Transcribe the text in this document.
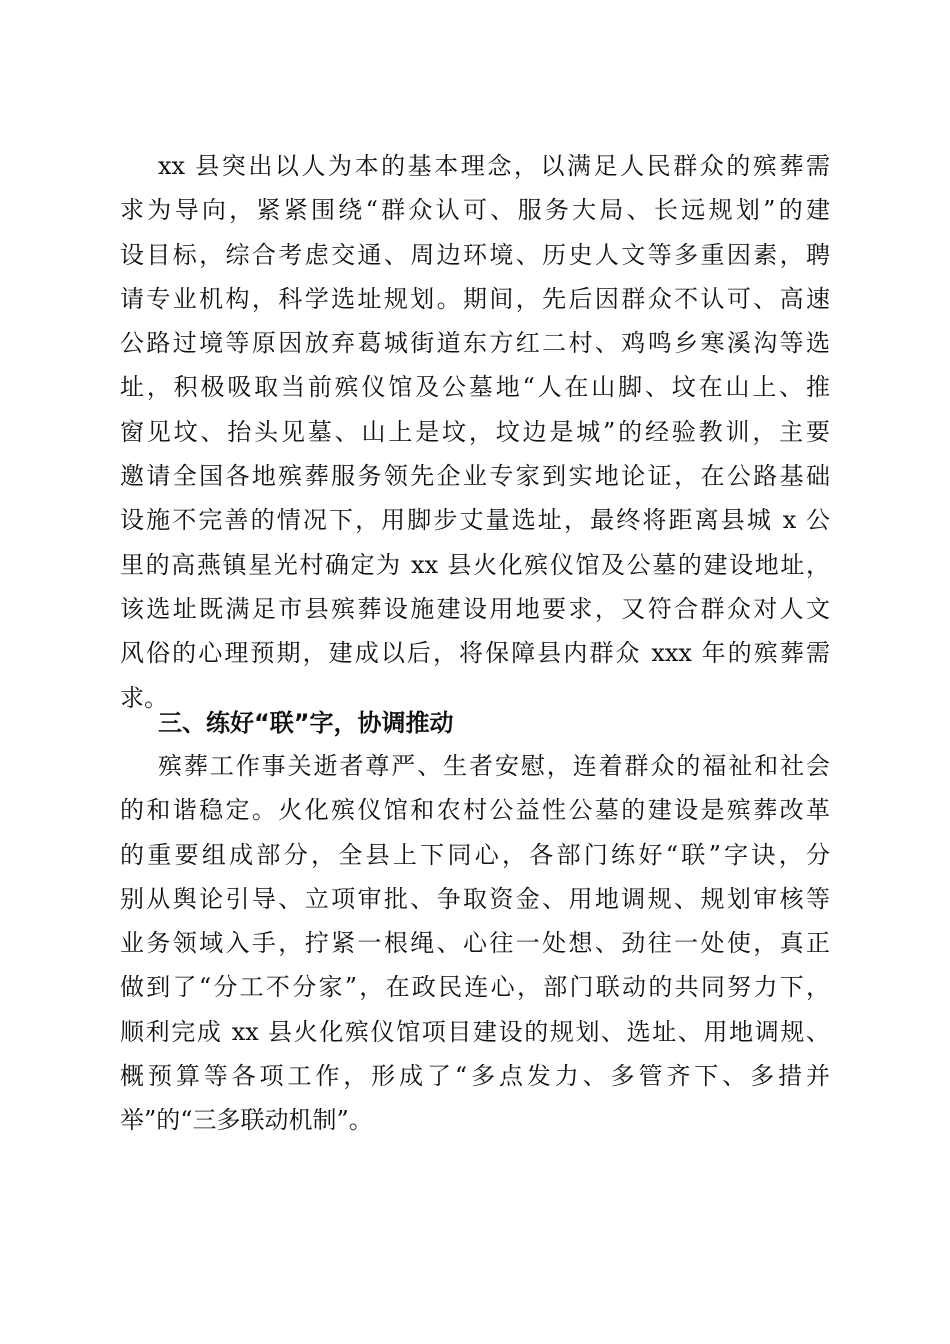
xx 县突出以人为本的基本理念，以满足人民群众的殡葬需
求为导向，紧紧围绕“群众认可、服务大局、长远规划”的建
设目标，综合考虑交通、周边环境、历史人文等多重因素，聘
请专业机构，科学选址规划。期间，先后因群众不认可、高速
公路过境等原因放弃葛城街道东方红二村、鸡鸣乡寒溪沟等选
址，积极吸取当前殡仪馆及公墓地“人在山脚、坟在山上、推
窗见坟、抬头见墓、山上是坟，坟边是城”的经验教训，主要
邀请全国各地殡葬服务领先企业专家到实地论证，在公路基础
设施不完善的情况下，用脚步丈量选址，最终将距离县城 x 公
里的高燕镇星光村确定为 xx 县火化殡仪馆及公墓的建设地址，
该选址既满足市县殡葬设施建设用地要求，又符合群众对人文
风俗的心理预期，建成以后，将保障县内群众 xxx 年的殡葬需
求。
三、练好“联”字，协调推动
殡葬工作事关逝者尊严、生者安慰，连着群众的福祉和社会
的和谐稳定。火化殡仪馆和农村公益性公墓的建设是殡葬改革
的重要组成部分，全县上下同心，各部门练好“联”字诀，分
别从舆论引导、立项审批、争取资金、用地调规、规划审核等
业务领域入手，拧紧一根绳、心往一处想、劲往一处使，真正
做到了“分工不分家”，在政民连心，部门联动的共同努力下，
顺利完成 xx 县火化殡仪馆项目建设的规划、选址、用地调规、
概预算等各项工作，形成了“多点发力、多管齐下、多措并
举”的“三多联动机制”。
